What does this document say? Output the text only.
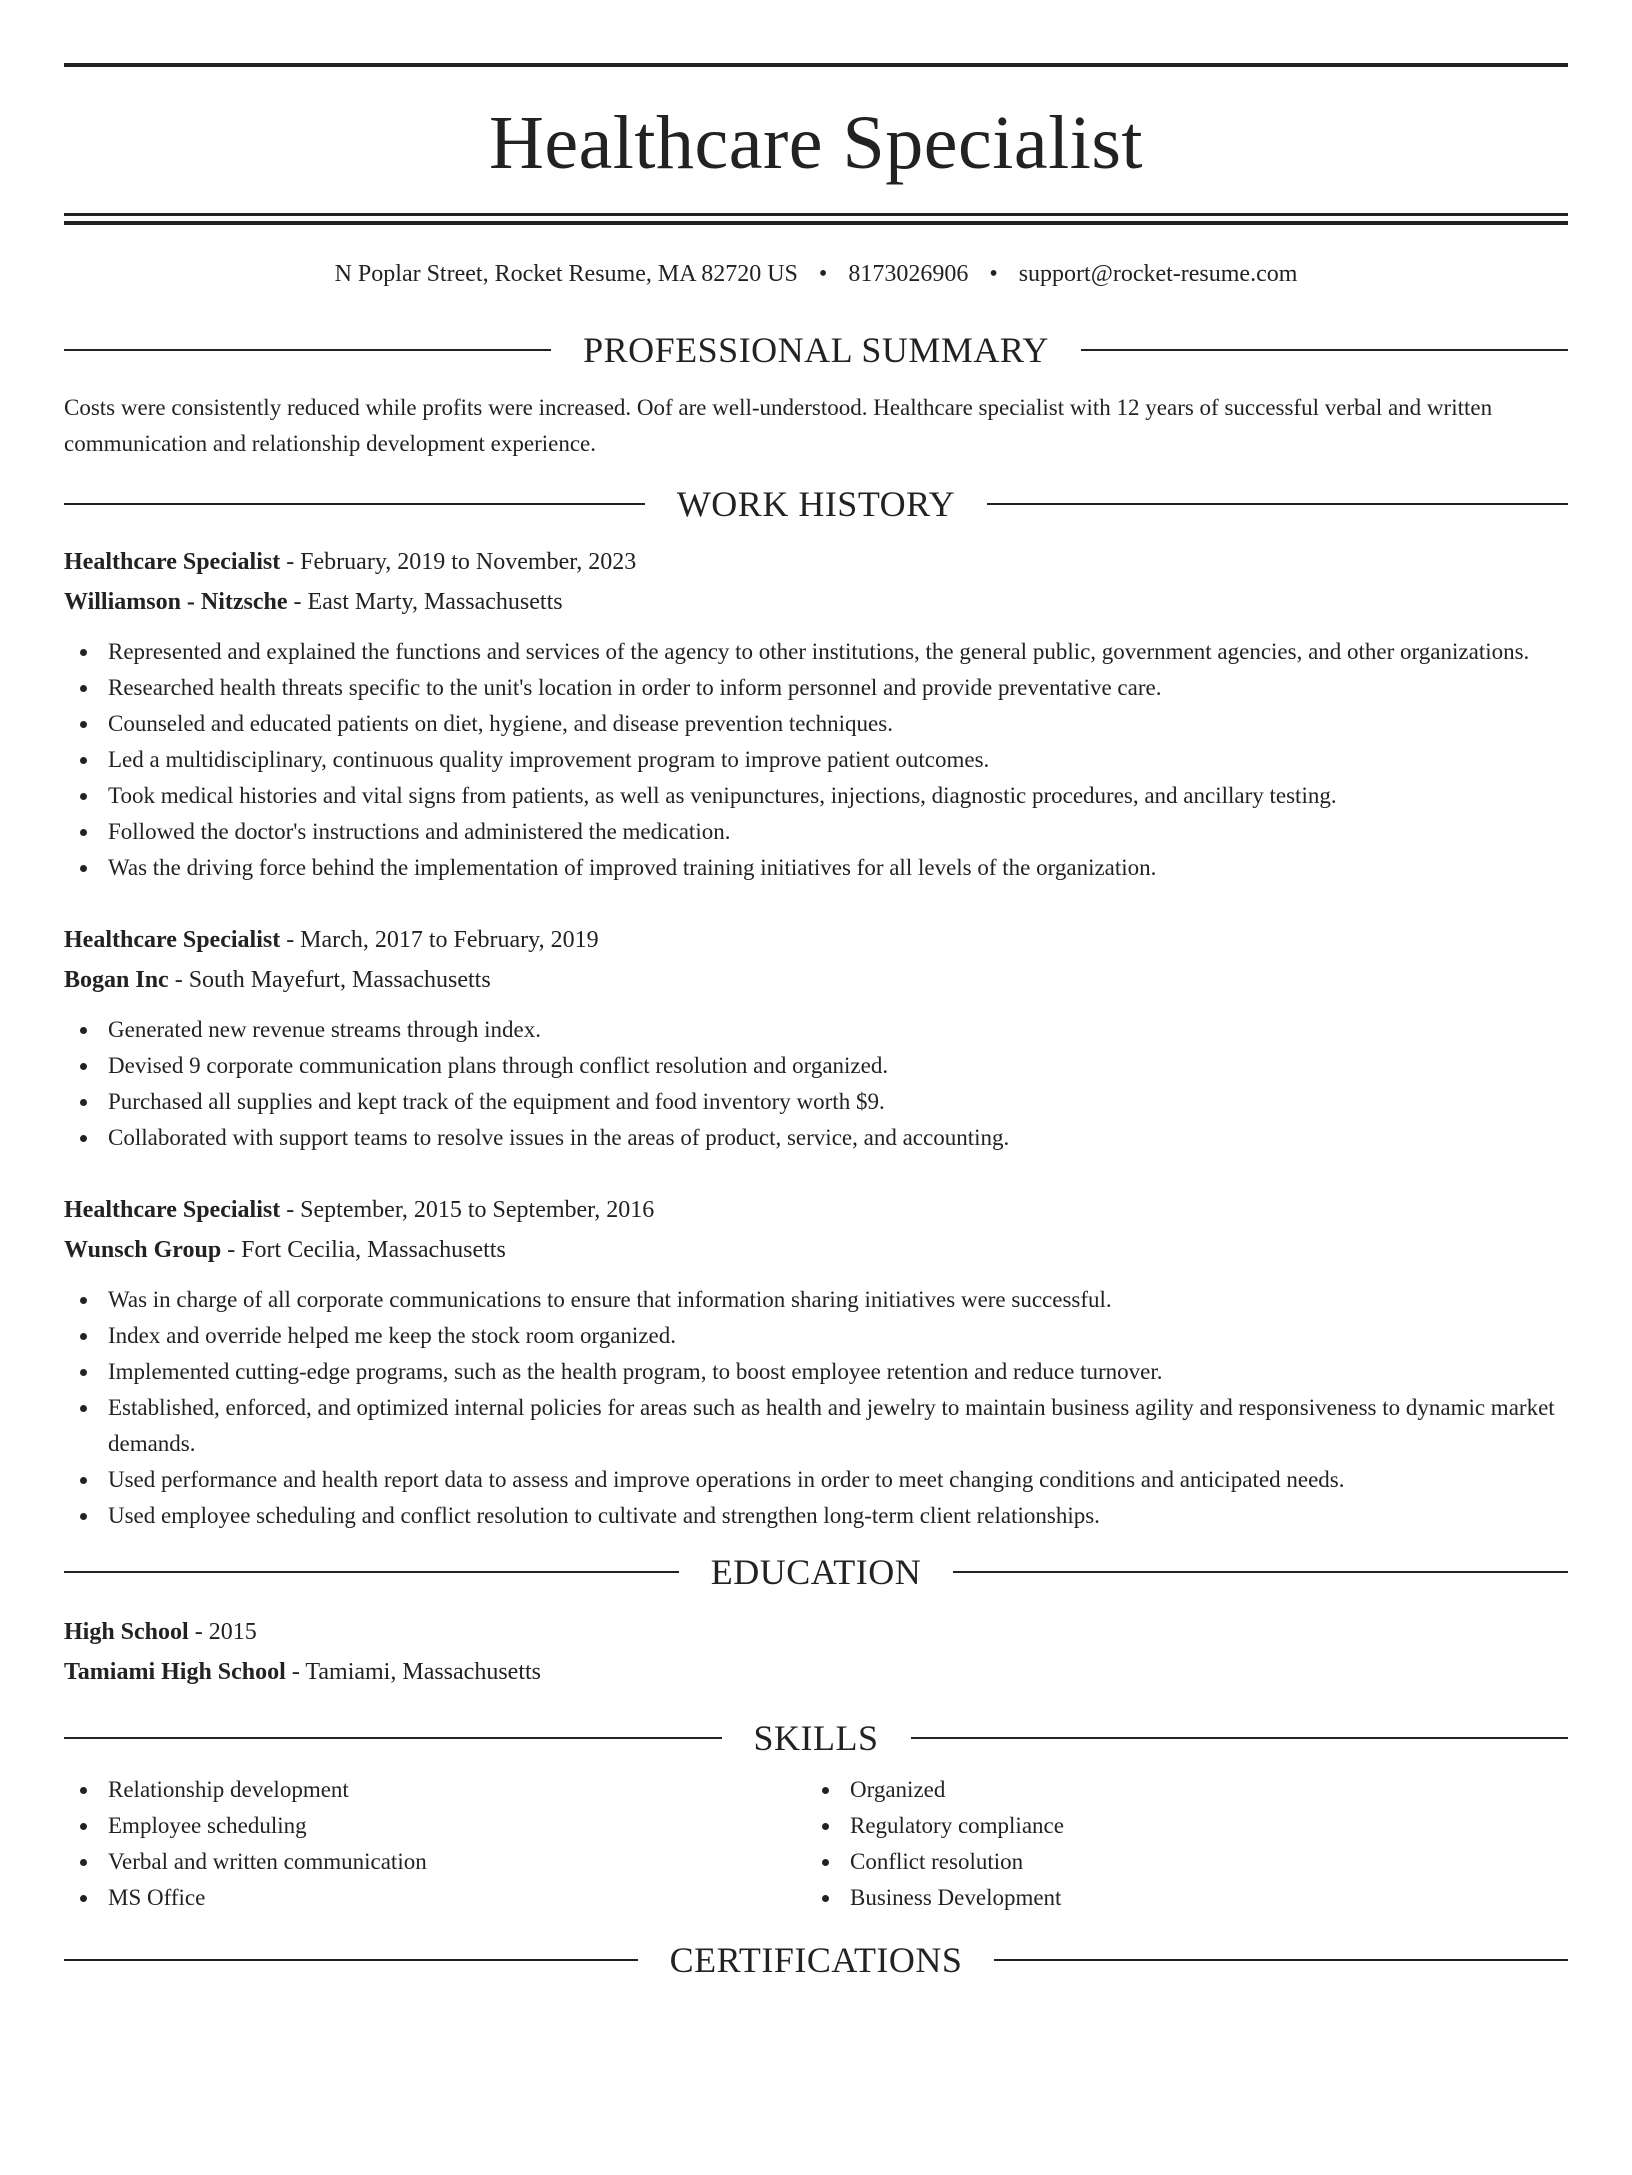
Healthcare Specialist
N Poplar Street, Rocket Resume, MA 82720 US • 8173026906 • support@rocket-resume.com
PROFESSIONAL SUMMARY

Costs were consistently reduced while profits were increased. Oof are well-understood. Healthcare specialist with 12 years of successful verbal and written communication and relationship development experience.

WORK HISTORY
Healthcare Specialist - February, 2019 to November, 2023
Williamson - Nitzsche - East Marty, Massachusetts
Represented and explained the functions and services of the agency to other institutions, the general public, government agencies, and other organizations.
Researched health threats specific to the unit's location in order to inform personnel and provide preventative care.
Counseled and educated patients on diet, hygiene, and disease prevention techniques.
Led a multidisciplinary, continuous quality improvement program to improve patient outcomes.
Took medical histories and vital signs from patients, as well as venipunctures, injections, diagnostic procedures, and ancillary testing.
Followed the doctor's instructions and administered the medication.
Was the driving force behind the implementation of improved training initiatives for all levels of the organization.
Healthcare Specialist - March, 2017 to February, 2019
Bogan Inc - South Mayefurt, Massachusetts
Generated new revenue streams through index.
Devised 9 corporate communication plans through conflict resolution and organized.
Purchased all supplies and kept track of the equipment and food inventory worth $9.
Collaborated with support teams to resolve issues in the areas of product, service, and accounting.
Healthcare Specialist - September, 2015 to September, 2016
Wunsch Group - Fort Cecilia, Massachusetts
Was in charge of all corporate communications to ensure that information sharing initiatives were successful.
Index and override helped me keep the stock room organized.
Implemented cutting-edge programs, such as the health program, to boost employee retention and reduce turnover.
Established, enforced, and optimized internal policies for areas such as health and jewelry to maintain business agility and responsiveness to dynamic market demands.
Used performance and health report data to assess and improve operations in order to meet changing conditions and anticipated needs.
Used employee scheduling and conflict resolution to cultivate and strengthen long-term client relationships.
EDUCATION
High School - 2015
Tamiami High School - Tamiami, Massachusetts
SKILLS
Relationship development
Employee scheduling
Verbal and written communication
MS Office
Organized
Regulatory compliance
Conflict resolution
Business Development
CERTIFICATIONS
